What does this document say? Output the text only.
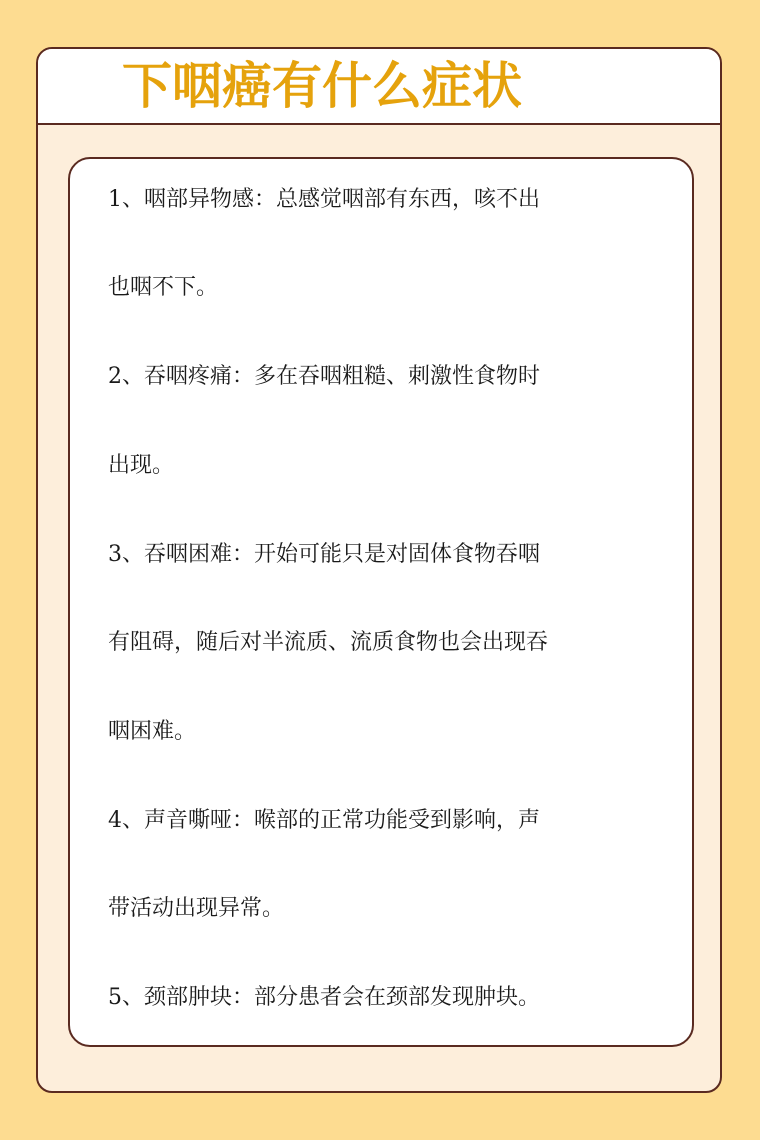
下咽癌有什么症状

1、咽部异物感：总感觉咽部有东西，咳不出

也咽不下。

2、吞咽疼痛：多在吞咽粗糙、刺激性食物时

出现。

3、吞咽困难：开始可能只是对固体食物吞咽

有阻碍，随后对半流质、流质食物也会出现吞

咽困难。

4、声音嘶哑：喉部的正常功能受到影响，声

带活动出现异常。

5、颈部肿块：部分患者会在颈部发现肿块。
